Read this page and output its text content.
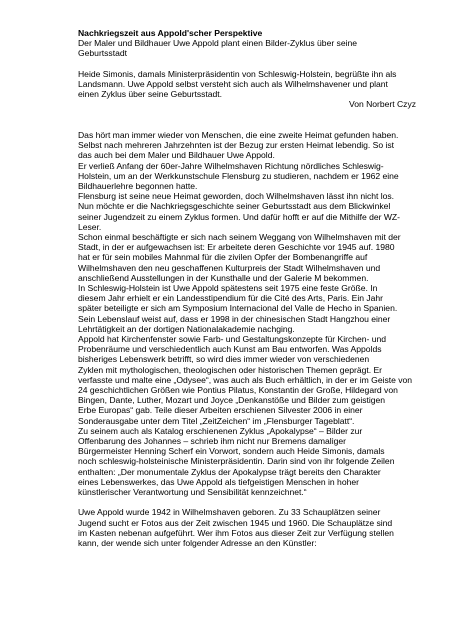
Nachkriegszeit aus Appold'scher Perspektive

Der Maler und Bildhauer Uwe Appold plant einen Bilder-Zyklus über seine

Geburtsstadt

Heide Simonis, damals Ministerpräsidentin von Schleswig-Holstein, begrüßte ihn als

Landsmann. Uwe Appold selbst versteht sich auch als Wilhelmshavener und plant

einen Zyklus über seine Geburtsstadt.

Von Norbert Czyz

Das hört man immer wieder von Menschen, die eine zweite Heimat gefunden haben.

Selbst nach mehreren Jahrzehnten ist der Bezug zur ersten Heimat lebendig. So ist

das auch bei dem Maler und Bildhauer Uwe Appold.

Er verließ Anfang der 60er-Jahre Wilhelmshaven Richtung nördliches Schleswig-

Holstein, um an der Werkkunstschule Flensburg zu studieren, nachdem er 1962 eine

Bildhauerlehre begonnen hatte.

Flensburg ist seine neue Heimat geworden, doch Wilhelmshaven lässt ihn nicht los.

Nun möchte er die Nachkriegsgeschichte seiner Geburtsstadt aus dem Blickwinkel

seiner Jugendzeit zu einem Zyklus formen. Und dafür hofft er auf die Mithilfe der WZ-

Leser.

Schon einmal beschäftigte er sich nach seinem Weggang von Wilhelmshaven mit der

Stadt, in der er aufgewachsen ist: Er arbeitete deren Geschichte vor 1945 auf. 1980

hat er für sein mobiles Mahnmal für die zivilen Opfer der Bombenangriffe auf

Wilhelmshaven den neu geschaffenen Kulturpreis der Stadt Wilhelmshaven und

anschließend Ausstellungen in der Kunsthalle und der Galerie M bekommen.

In Schleswig-Holstein ist Uwe Appold spätestens seit 1975 eine feste Größe. In

diesem Jahr erhielt er ein Landesstipendium für die Cité des Arts, Paris. Ein Jahr

später beteiligte er sich am Symposium Internacional del Valle de Hecho in Spanien.

Sein Lebenslauf weist auf, dass er 1998 in der chinesischen Stadt Hangzhou einer

Lehrtätigkeit an der dortigen Nationalakademie nachging.

Appold hat Kirchenfenster sowie Farb- und Gestaltungskonzepte für Kirchen- und

Probenräume und verschiedentlich auch Kunst am Bau entworfen. Was Appolds

bisheriges Lebenswerk betrifft, so wird dies immer wieder von verschiedenen

Zyklen mit mythologischen, theologischen oder historischen Themen geprägt. Er

verfasste und malte eine „Odysee“, was auch als Buch erhältlich, in der er im Geiste von

24 geschichtlichen Größen wie Pontius Pilatus, Konstantin der Große, Hildegard von

Bingen, Dante, Luther, Mozart und Joyce „Denkanstöße und Bilder zum geistigen

Erbe Europas“ gab. Teile dieser Arbeiten erschienen Silvester 2006 in einer

Sonderausgabe unter dem Titel „ZeitZeichen“ im „Flensburger Tageblatt“.

Zu seinem auch als Katalog erschienenen Zyklus „Apokalypse“ – Bilder zur

Offenbarung des Johannes – schrieb ihm nicht nur Bremens damaliger

Bürgermeister Henning Scherf ein Vorwort, sondern auch Heide Simonis, damals

noch schleswig-holsteinische Ministerpräsidentin. Darin sind von ihr folgende Zeilen

enthalten: „Der monumentale Zyklus der Apokalypse trägt bereits den Charakter

eines Lebenswerkes, das Uwe Appold als tiefgeistigen Menschen in hoher

künstlerischer Verantwortung und Sensibilität kennzeichnet.“

Uwe Appold wurde 1942 in Wilhelmshaven geboren. Zu 33 Schauplätzen seiner

Jugend sucht er Fotos aus der Zeit zwischen 1945 und 1960. Die Schauplätze sind

im Kasten nebenan aufgeführt. Wer ihm Fotos aus dieser Zeit zur Verfügung stellen

kann, der wende sich unter folgender Adresse an den Künstler:
